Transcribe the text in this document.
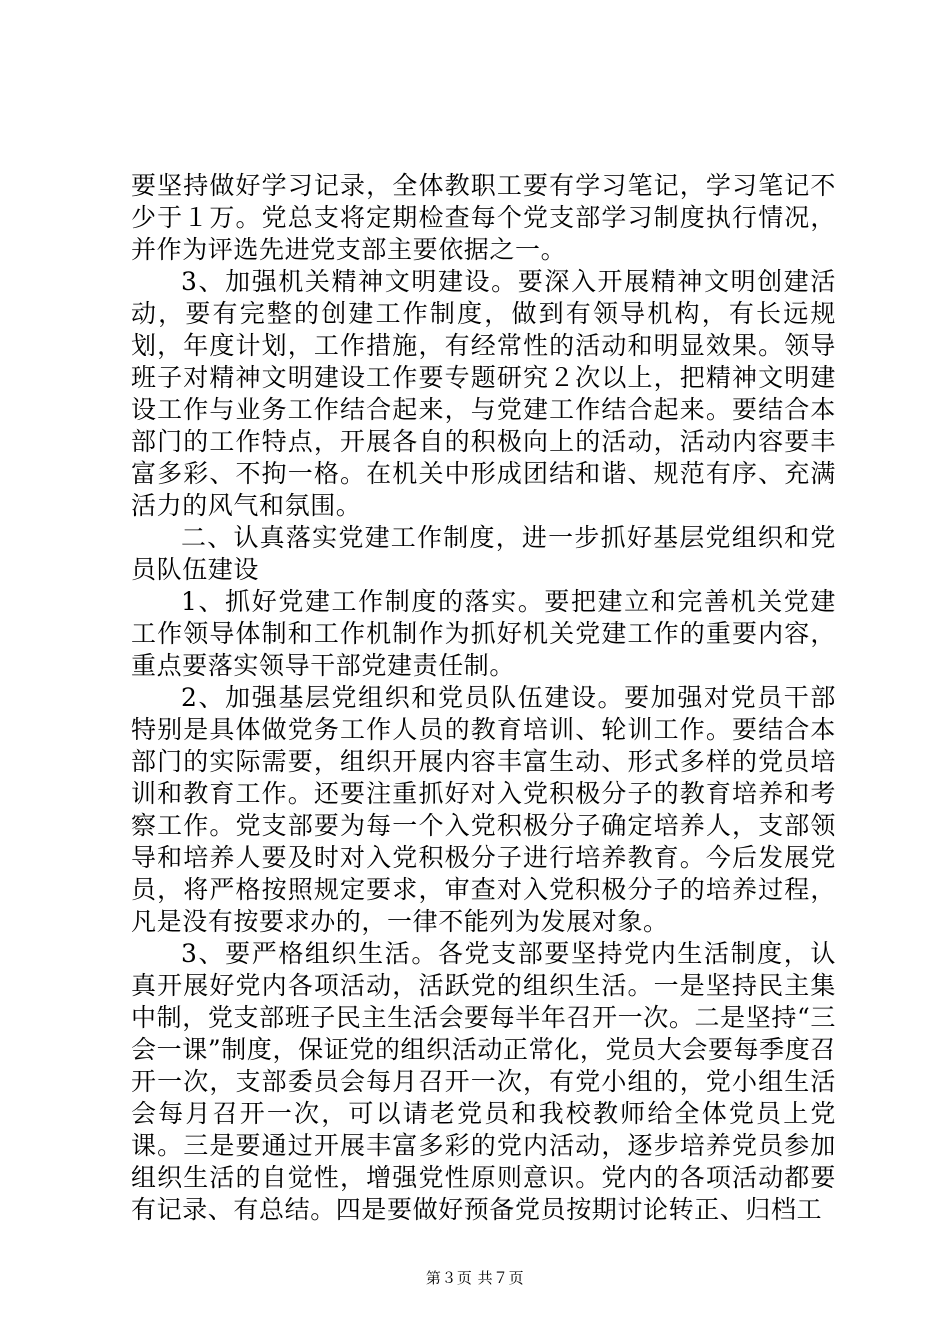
要坚持做好学习记录，全体教职工要有学习笔记，学习笔记不少于１万。党总支将定期检查每个党支部学习制度执行情况，并作为评选先进党支部主要依据之一。

3、加强机关精神文明建设。要深入开展精神文明创建活动，要有完整的创建工作制度，做到有领导机构，有长远规划，年度计划，工作措施，有经常性的活动和明显效果。领导班子对精神文明建设工作要专题研究２次以上，把精神文明建设工作与业务工作结合起来，与党建工作结合起来。要结合本部门的工作特点，开展各自的积极向上的活动，活动内容要丰富多彩、不拘一格。在机关中形成团结和谐、规范有序、充满活力的风气和氛围。

二、认真落实党建工作制度，进一步抓好基层党组织和党员队伍建设

1、抓好党建工作制度的落实。要把建立和完善机关党建工作领导体制和工作机制作为抓好机关党建工作的重要内容，重点要落实领导干部党建责任制。

2、加强基层党组织和党员队伍建设。要加强对党员干部特别是具体做党务工作人员的教育培训、轮训工作。要结合本部门的实际需要，组织开展内容丰富生动、形式多样的党员培训和教育工作。还要注重抓好对入党积极分子的教育培养和考察工作。党支部要为每一个入党积极分子确定培养人，支部领导和培养人要及时对入党积极分子进行培养教育。今后发展党员，将严格按照规定要求，审查对入党积极分子的培养过程，凡是没有按要求办的，一律不能列为发展对象。

3、要严格组织生活。各党支部要坚持党内生活制度，认真开展好党内各项活动，活跃党的组织生活。一是坚持民主集中制，党支部班子民主生活会要每半年召开一次。二是坚持“三会一课”制度，保证党的组织活动正常化，党员大会要每季度召开一次，支部委员会每月召开一次，有党小组的，党小组生活会每月召开一次，可以请老党员和我校教师给全体党员上党课。三是要通过开展丰富多彩的党内活动，逐步培养党员参加组织生活的自觉性，增强党性原则意识。党内的各项活动都要有记录、有总结。四是要做好预备党员按期讨论转正、归档工

第３页 共７页
